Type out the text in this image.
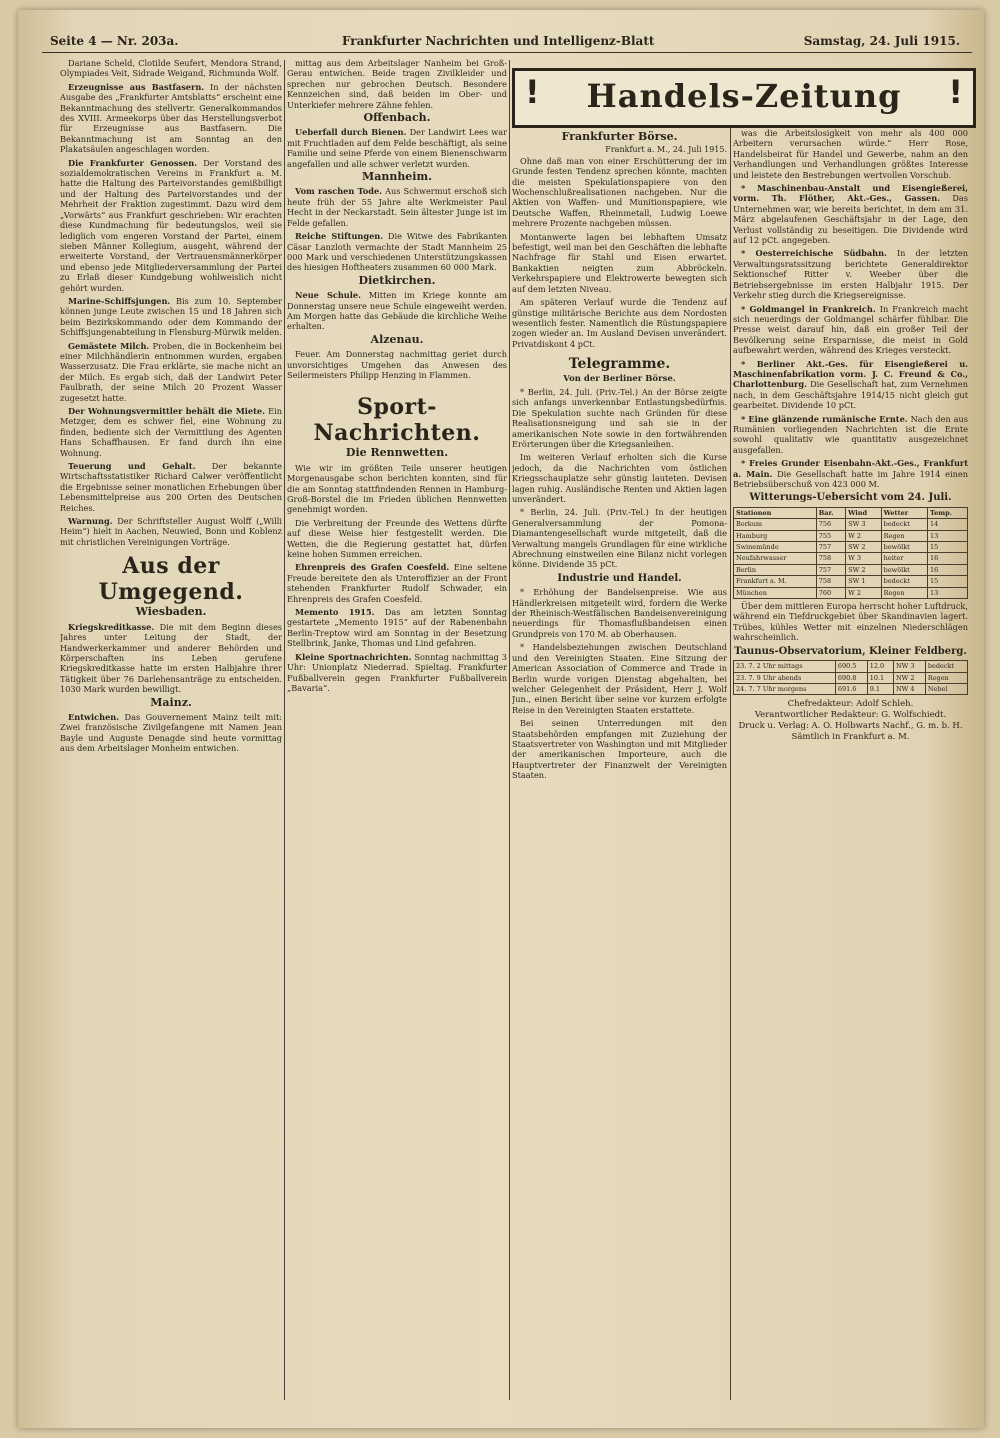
Seite 4 — Nr. 203a.	Frankfurter Nachrichten und Intelligenz-Blatt	Samstag, 24. Juli 1915.

Dariane Scheld, Clotilde Seufert, Mendora Strand, Olympiades Veit, Sidrade Weigand, Richmunda Wolf.

Erzeugnisse aus Bastfasern. In der nächsten Ausgabe des „Frankfurter Amtsblatts“ erscheint eine Bekanntmachung des stellvertr. Generalkommandos des XVIII. Armeekorps über das Herstellungsverbot für Erzeugnisse aus Bastfasern. Die Bekanntmachung ist am Sonntag an den Plakatsäulen angeschlagen worden.

Die Frankfurter Genossen. Der Vorstand des sozialdemokratischen Vereins in Frankfurt a. M. hatte die Haltung des Parteivorstandes gemißbilligt und der Haltung des Parteivorstandes und der Mehrheit der Fraktion zugestimmt. Dazu wird dem „Vorwärts“ aus Frankfurt geschrieben: Wir erachten diese Kundmachung für bedeutungslos, weil sie lediglich vom engeren Vorstand der Partei, einem sieben Männer Kollegium, ausgeht, während der erweiterte Vorstand, der Vertrauensmännerkörper und ebenso jede Mitgliederversammlung der Partei zu Erlaß dieser Kundgebung wohlweislich nicht gehört wurden.

Marine-Schiffsjungen. Bis zum 10. September können junge Leute zwischen 15 und 18 Jahren sich beim Bezirkskommando oder dem Kommando der Schiffsjungenabteilung in Flensburg-Mürwik melden.

Gemästete Milch. Proben, die in Bockenheim bei einer Milchhändlerin entnommen wurden, ergaben Wasserzusatz. Die Frau erklärte, sie mache nicht an der Milch. Es ergab sich, daß der Landwirt Peter Faulbrath, der seine Milch 20 Prozent Wasser zugesetzt hatte.

Der Wohnungsvermittler behält die Miete. Ein Metzger, dem es schwer fiel, eine Wohnung zu finden, bediente sich der Vermittlung des Agenten Hans Schaffhausen. Er fand durch ihn eine Wohnung.

Teuerung und Gehalt. Der bekannte Wirtschaftsstatistiker Richard Calwer veröffentlicht die Ergebnisse seiner monatlichen Erhebungen über Lebensmittelpreise aus 200 Orten des Deutschen Reiches.

Warnung. Der Schriftsteller August Wolff („Willi Heim“) hielt in Aachen, Neuwied, Bonn und Koblenz mit christlichen Vereinigungen Vorträge.

Aus der Umgegend.
Wiesbaden.

Kriegskreditkasse. Die mit dem Beginn dieses Jahres unter Leitung der Stadt, der Handwerkerkammer und anderer Behörden und Körperschaften ins Leben gerufene Kriegskreditkasse hatte im ersten Halbjahre ihrer Tätigkeit über 76 Darlehensanträge zu entscheiden. 1030 Mark wurden bewilligt.

Mainz.

Entwichen. Das Gouvernement Mainz teilt mit: Zwei französische Zivilgefangene mit Namen Jean Bayle und Auguste Denagde sind heute vormittag aus dem Arbeitslager Monheim entwichen.

mittag aus dem Arbeitslager Nanheim bei Groß-Gerau entwichen. Beide tragen Zivilkleider und sprechen nur gebrochen Deutsch. Besondere Kennzeichen sind, daß beiden im Ober- und Unterkiefer mehrere Zähne fehlen.

Offenbach.

Ueberfall durch Bienen. Der Landwirt Lees war mit Fruchtladen auf dem Felde beschäftigt, als seine Familie und seine Pferde von einem Bienenschwarm angefallen und alle schwer verletzt wurden.

Mannheim.

Vom raschen Tode. Aus Schwermut erschoß sich heute früh der 55 Jahre alte Werkmeister Paul Hecht in der Neckarstadt. Sein ältester Junge ist im Felde gefallen.

Reiche Stiftungen. Die Witwe des Fabrikanten Cäsar Lanzloth vermachte der Stadt Mannheim 25 000 Mark und verschiedenen Unterstützungskassen des hiesigen Hoftheaters zusammen 60 000 Mark.

Dietkirchen.

Neue Schule. Mitten im Kriege konnte am Donnerstag unsere neue Schule eingeweiht werden. Am Morgen hatte das Gebäude die kirchliche Weihe erhalten.

Alzenau.

Feuer. Am Donnerstag nachmittag geriet durch unvorsichtiges Umgehen das Anwesen des Seilermeisters Philipp Henzing in Flammen.

Sport-Nachrichten.
Die Rennwetten.

Wie wir im größten Teile unserer heutigen Morgenausgabe schon berichten konnten, sind für die am Sonntag stattfindenden Rennen in Hamburg-Groß-Borstel die im Frieden üblichen Rennwetten genehmigt worden.

Die Verbreitung der Freunde des Wettens dürfte auf diese Weise hier festgestellt werden. Die Wetten, die die Regierung gestattet hat, dürfen keine hohen Summen erreichen.

Ehrenpreis des Grafen Coesfeld. Eine seltene Freude bereitete den als Unteroffizier an der Front stehenden Frankfurter Rudolf Schwader, ein Ehrenpreis des Grafen Coesfeld.

Memento 1915. Das am letzten Sonntag gestartete „Memento 1915“ auf der Rabenenbahn Berlin-Treptow wird am Sonntag in der Besetzung Stellbrink, Janke, Thomas und Lind gefahren.

Kleine Sportnachrichten. Sonntag nachmittag 3 Uhr: Unionplatz Niederrad. Spieltag. Frankfurter Fußballverein gegen Frankfurter Fußballverein „Bavaria“.

!	Handels-Zeitung	!
Frankfurter Börse.
Frankfurt a. M., 24. Juli 1915.

Ohne daß man von einer Erschütterung der im Grunde festen Tendenz sprechen könnte, machten die meisten Spekulationspapiere von den Wochenschlußrealisationen nachgeben. Nur die Aktien von Waffen- und Munitionspapiere, wie Deutsche Waffen, Rheinmetall, Ludwig Loewe mehrere Prozente nachgeben müssen.

Montanwerte lagen bei lebhaftem Umsatz befestigt, weil man bei den Geschäften die lebhafte Nachfrage für Stahl und Eisen erwartet. Bankaktien neigten zum Abbröckeln. Verkehrspapiere und Elektrowerte bewegten sich auf dem letzten Niveau.

Am späteren Verlauf wurde die Tendenz auf günstige militärische Berichte aus dem Nordosten wesentlich fester. Namentlich die Rüstungspapiere zogen wieder an. Im Ausland Devisen unverändert. Privatdiskont 4 pCt.

Telegramme.
Von der Berliner Börse.

* Berlin, 24. Juli. (Priv.-Tel.) An der Börse zeigte sich anfangs unverkennbar Entlastungsbedürfnis. Die Spekulation suchte nach Gründen für diese Realisationsneigung und sah sie in der amerikanischen Note sowie in den fortwährenden Erörterungen über die Kriegsanleihen.

Im weiteren Verlauf erholten sich die Kurse jedoch, da die Nachrichten vom östlichen Kriegsschauplatze sehr günstig lauteten. Devisen lagen ruhig. Ausländische Renten und Aktien lagen unverändert.

* Berlin, 24. Juli. (Priv.-Tel.) In der heutigen Generalversammlung der Pomona-Diamantengesellschaft wurde mitgeteilt, daß die Verwaltung mangels Grundlagen für eine wirkliche Abrechnung einstweilen eine Bilanz nicht vorlegen könne. Dividende 35 pCt.

Industrie und Handel.

* Erhöhung der Bandelsenpreise. Wie aus Händlerkreisen mitgeteilt wird, fordern die Werke der Rheinisch-Westfälischen Bandeisenvereinigung neuerdings für Thomasflußbandeisen einen Grundpreis von 170 M. ab Oberhausen.

* Handelsbeziehungen zwischen Deutschland und den Vereinigten Staaten. Eine Sitzung der American Association of Commerce and Trade in Berlin wurde vorigen Dienstag abgehalten, bei welcher Gelegenheit der Präsident, Herr J. Wolf Jun., einen Bericht über seine vor kurzem erfolgte Reise in den Vereinigten Staaten erstattete.

Bei seinen Unterredungen mit den Staatsbehörden empfangen mit Zuziehung der Staatsvertreter von Washington und mit Mitglieder der amerikanischen Importeure, auch die Hauptvertreter der Finanzwelt der Vereinigten Staaten.

was die Arbeitslosigkeit von mehr als 400 000 Arbeitern verursachen würde.“ Herr Rose, Handelsbeirat für Handel und Gewerbe, nahm an den Verhandlungen und Verhandlungen größtes Interesse und leistete den Bestrebungen wertvollen Vorschub.

* Maschinenbau-Anstalt und Eisengießerei, vorm. Th. Flöther, Akt.-Ges., Gassen. Das Unternehmen war, wie bereits berichtet, in dem am 31. März abgelaufenen Geschäftsjahr in der Lage, den Verlust vollständig zu beseitigen. Die Dividende wird auf 12 pCt. angegeben.

* Oesterreichische Südbahn. In der letzten Verwaltungsratssitzung berichtete Generaldirektor Sektionschef Ritter v. Weeber über die Betriebsergebnisse im ersten Halbjahr 1915. Der Verkehr stieg durch die Kriegsereignisse.

* Goldmangel in Frankreich. In Frankreich macht sich neuerdings der Goldmangel schärfer fühlbar. Die Presse weist darauf hin, daß ein großer Teil der Bevölkerung seine Ersparnisse, die meist in Gold aufbewahrt werden, während des Krieges versteckt.

* Berliner Akt.-Ges. für Eisengießerei u. Maschinenfabrikation vorm. J. C. Freund & Co., Charlottenburg. Die Gesellschaft hat, zum Vernehmen nach, in dem Geschäftsjahre 1914/15 nicht gleich gut gearbeitet. Dividende 10 pCt.

* Eine glänzende rumänische Ernte. Nach den aus Rumänien vorliegenden Nachrichten ist die Ernte sowohl qualitativ wie quantitativ ausgezeichnet ausgefallen.

* Freies Grunder Eisenbahn-Akt.-Ges., Frankfurt a. Main. Die Gesellschaft hatte im Jahre 1914 einen Betriebsüberschuß von 423 000 M.

Witterungs-Uebersicht vom 24. Juli.
Stationen	Bar.	Wind	Wetter	Temp.
Borkum	756	SW 3	bedeckt	14
Hamburg	755	W 2	Regen	13
Swinemünde	757	SW 2	bewölkt	15
Neufahrwasser	758	W 3	heiter	16
Berlin	757	SW 2	bewölkt	16
Frankfurt a. M.	758	SW 1	bedeckt	15
München	760	W 2	Regen	13

Über dem mittleren Europa herrscht hoher Luftdruck, während ein Tiefdruckgebiet über Skandinavien lagert. Trübes, kühles Wetter mit einzelnen Niederschlägen wahrscheinlich.

Taunus-Observatorium, Kleiner Feldberg.
23. 7. 2 Uhr mittags	690.5	12.0	NW 3	bedeckt
23. 7. 9 Uhr abends	690.8	10.1	NW 2	Regen
24. 7. 7 Uhr morgens	691.6	9.1	NW 4	Nebel
Chefredakteur: Adolf Schleh.
Verantwortlicher Redakteur: G. Wolfschiedt.
Druck u. Verlag: A. O. Holbwarts Nachf., G. m. b. H.
Sämtlich in Frankfurt a. M.
